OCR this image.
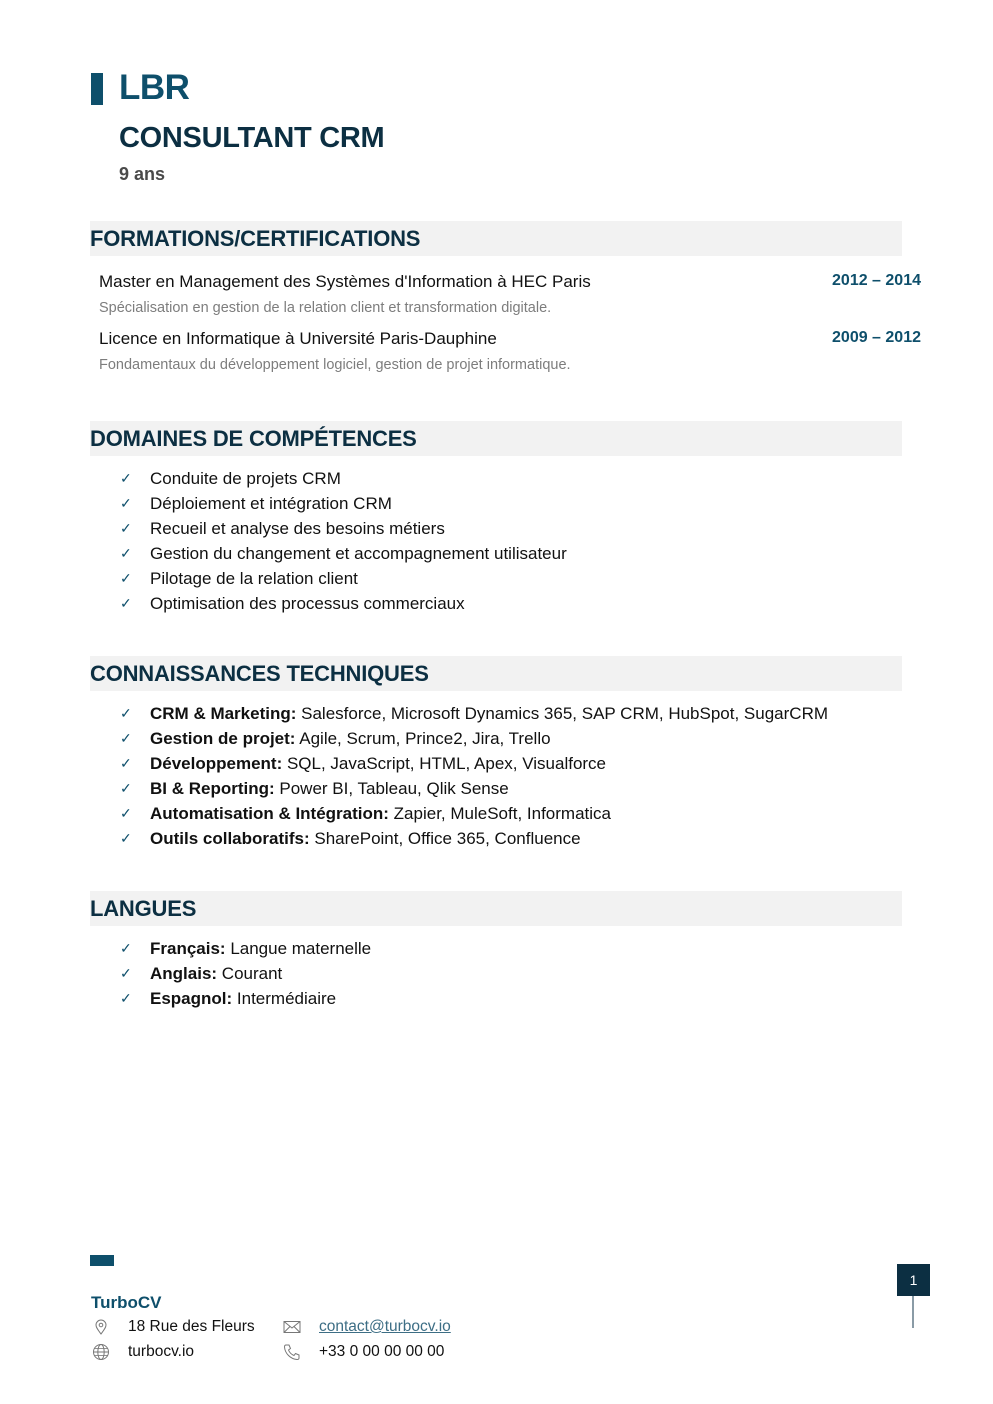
LBR
CONSULTANT CRM
9 ans
FORMATIONS/CERTIFICATIONS
Master en Management des Systèmes d'Information à HEC Paris	2012 – 2014
Spécialisation en gestion de la relation client et transformation digitale.
Licence en Informatique à Université Paris-Dauphine	2009 – 2012
Fondamentaux du développement logiciel, gestion de projet informatique.
DOMAINES DE COMPÉTENCES
✓ Conduite de projets CRM
✓ Déploiement et intégration CRM
✓ Recueil et analyse des besoins métiers
✓ Gestion du changement et accompagnement utilisateur
✓ Pilotage de la relation client
✓ Optimisation des processus commerciaux
CONNAISSANCES TECHNIQUES
✓ CRM & Marketing: Salesforce, Microsoft Dynamics 365, SAP CRM, HubSpot, SugarCRM
✓ Gestion de projet: Agile, Scrum, Prince2, Jira, Trello
✓ Développement: SQL, JavaScript, HTML, Apex, Visualforce
✓ BI & Reporting: Power BI, Tableau, Qlik Sense
✓ Automatisation & Intégration: Zapier, MuleSoft, Informatica
✓ Outils collaboratifs: SharePoint, Office 365, Confluence
LANGUES
✓ Français: Langue maternelle
✓ Anglais: Courant
✓ Espagnol: Intermédiaire
TurboCV
18 Rue des Fleurs
turbocv.io
contact@turbocv.io
+33 0 00 00 00 00
1
